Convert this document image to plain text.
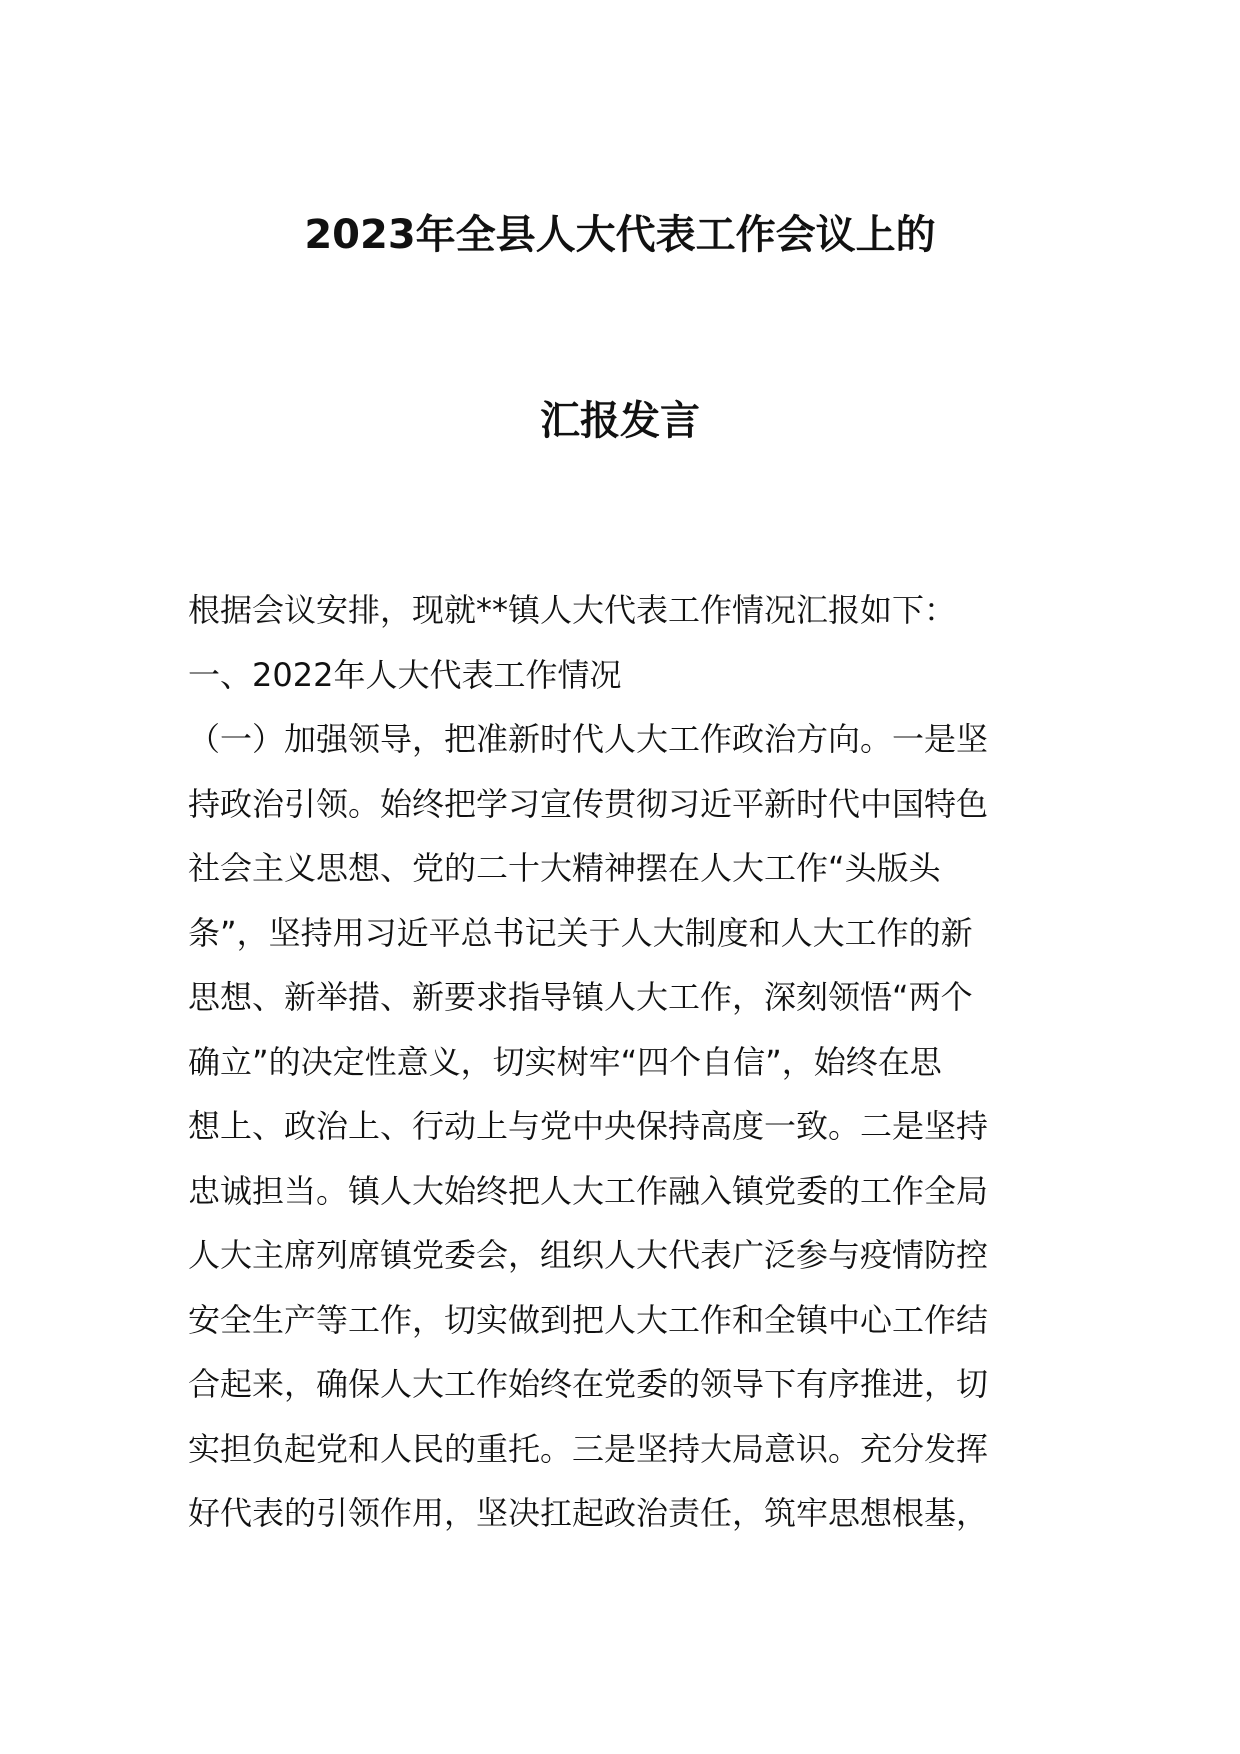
2023年全县人大代表工作会议上的
汇报发言
根据会议安排，现就**镇人大代表工作情况汇报如下：
一、2022年人大代表工作情况
（一）加强领导，把准新时代人大工作政治方向。一是坚
持政治引领。始终把学习宣传贯彻习近平新时代中国特色
社会主义思想、党的二十大精神摆在人大工作“头版头
条”，坚持用习近平总书记关于人大制度和人大工作的新
思想、新举措、新要求指导镇人大工作，深刻领悟“两个
确立”的决定性意义，切实树牢“四个自信”，始终在思
想上、政治上、行动上与党中央保持高度一致。二是坚持
忠诚担当。镇人大始终把人大工作融入镇党委的工作全局
人大主席列席镇党委会，组织人大代表广泛参与疫情防控
安全生产等工作，切实做到把人大工作和全镇中心工作结
合起来，确保人大工作始终在党委的领导下有序推进，切
实担负起党和人民的重托。三是坚持大局意识。充分发挥
好代表的引领作用，坚决扛起政治责任，筑牢思想根基，
